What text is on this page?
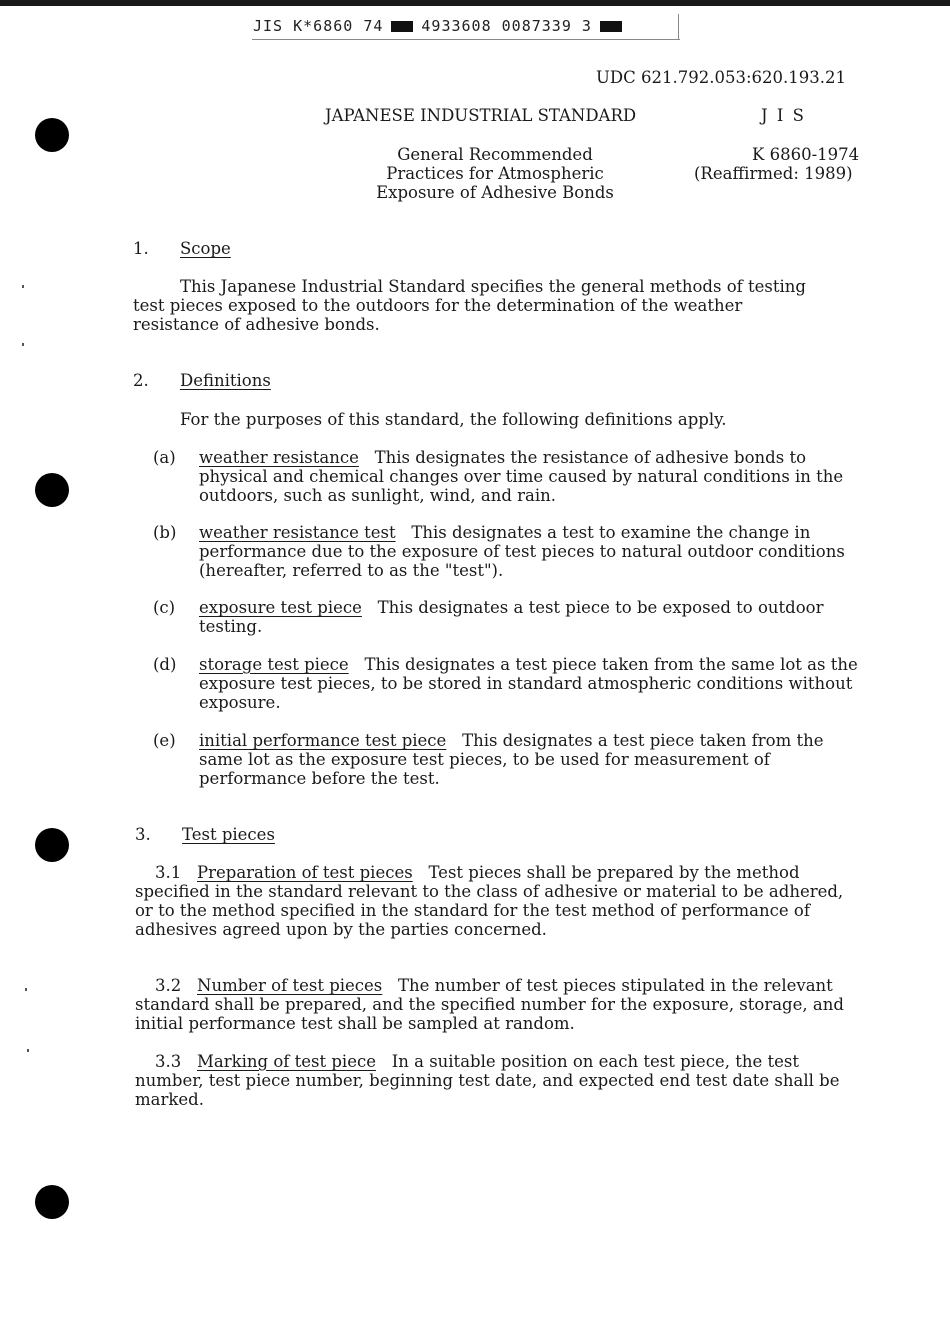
JIS K*6860 74	4933608 0087339 3
UDC 621.792.053:620.193.21
JAPANESE INDUSTRIAL STANDARD	J I S
General Recommended
Practices for Atmospheric
Exposure of Adhesive Bonds
K 6860-1974
(Reaffirmed: 1989)
1. Scope
This Japanese Industrial Standard specifies the general methods of testing test pieces exposed to the outdoors for the determination of the weather resistance of adhesive bonds.
2. Definitions
For the purposes of this standard, the following definitions apply.
(a) weather resistance This designates the resistance of adhesive bonds to physical and chemical changes over time caused by natural conditions in the outdoors, such as sunlight, wind, and rain.
(b) weather resistance test This designates a test to examine the change in performance due to the exposure of test pieces to natural outdoor conditions (hereafter, referred to as the "test").
(c) exposure test piece This designates a test piece to be exposed to outdoor testing.
(d) storage test piece This designates a test piece taken from the same lot as the exposure test pieces, to be stored in standard atmospheric conditions without exposure.
(e) initial performance test piece This designates a test piece taken from the same lot as the exposure test pieces, to be used for measurement of performance before the test.
3. Test pieces
3.1 Preparation of test pieces Test pieces shall be prepared by the method specified in the standard relevant to the class of adhesive or material to be adhered, or to the method specified in the standard for the test method of performance of adhesives agreed upon by the parties concerned.
3.2 Number of test pieces The number of test pieces stipulated in the relevant standard shall be prepared, and the specified number for the exposure, storage, and initial performance test shall be sampled at random.
3.3 Marking of test piece In a suitable position on each test piece, the test number, test piece number, beginning test date, and expected end test date shall be marked.
